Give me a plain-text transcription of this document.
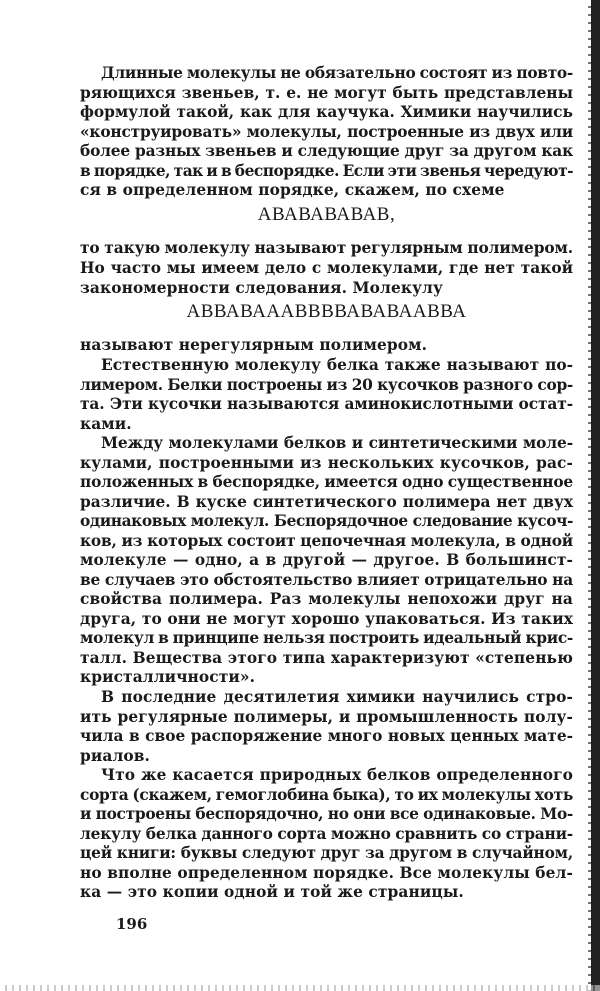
Длинные молекулы не обязательно состоят из повто-
ряющихся звеньев, т. е. не могут быть представлены
формулой такой, как для каучука. Химики научились
«конструировать» молекулы, построенные из двух или
более разных звеньев и следующие друг за другом как
в порядке, так и в беспорядке. Если эти звенья чередуют-
ся в определенном порядке, скажем, по схеме
АВАВАВАВАВ,
то такую молекулу называют регулярным полимером.
Но часто мы имеем дело с молекулами, где нет такой
закономерности следования. Молекулу
АВВАВАААВВВВАВАВААВВА
называют нерегулярным полимером.
Естественную молекулу белка также называют по-
лимером. Белки построены из 20 кусочков разного сор-
та. Эти кусочки называются аминокислотными остат-
ками.
Между молекулами белков и синтетическими моле-
кулами, построенными из нескольких кусочков, рас-
положенных в беспорядке, имеется одно существенное
различие. В куске синтетического полимера нет двух
одинаковых молекул. Беспорядочное следование кусоч-
ков, из которых состоит цепочечная молекула, в одной
молекуле — одно, а в другой — другое. В большинст-
ве случаев это обстоятельство влияет отрицательно на
свойства полимера. Раз молекулы непохожи друг на
друга, то они не могут хорошо упаковаться. Из таких
молекул в принципе нельзя построить идеальный крис-
талл. Вещества этого типа характеризуют «степенью
кристалличности».
В последние десятилетия химики научились стро-
ить регулярные полимеры, и промышленность полу-
чила в свое распоряжение много новых ценных мате-
риалов.
Что же касается природных белков определенного
сорта (скажем, гемоглобина быка), то их молекулы хоть
и построены беспорядочно, но они все одинаковые. Мо-
лекулу белка данного сорта можно сравнить со страни-
цей книги: буквы следуют друг за другом в случайном,
но вполне определенном порядке. Все молекулы бел-
ка — это копии одной и той же страницы.
196
